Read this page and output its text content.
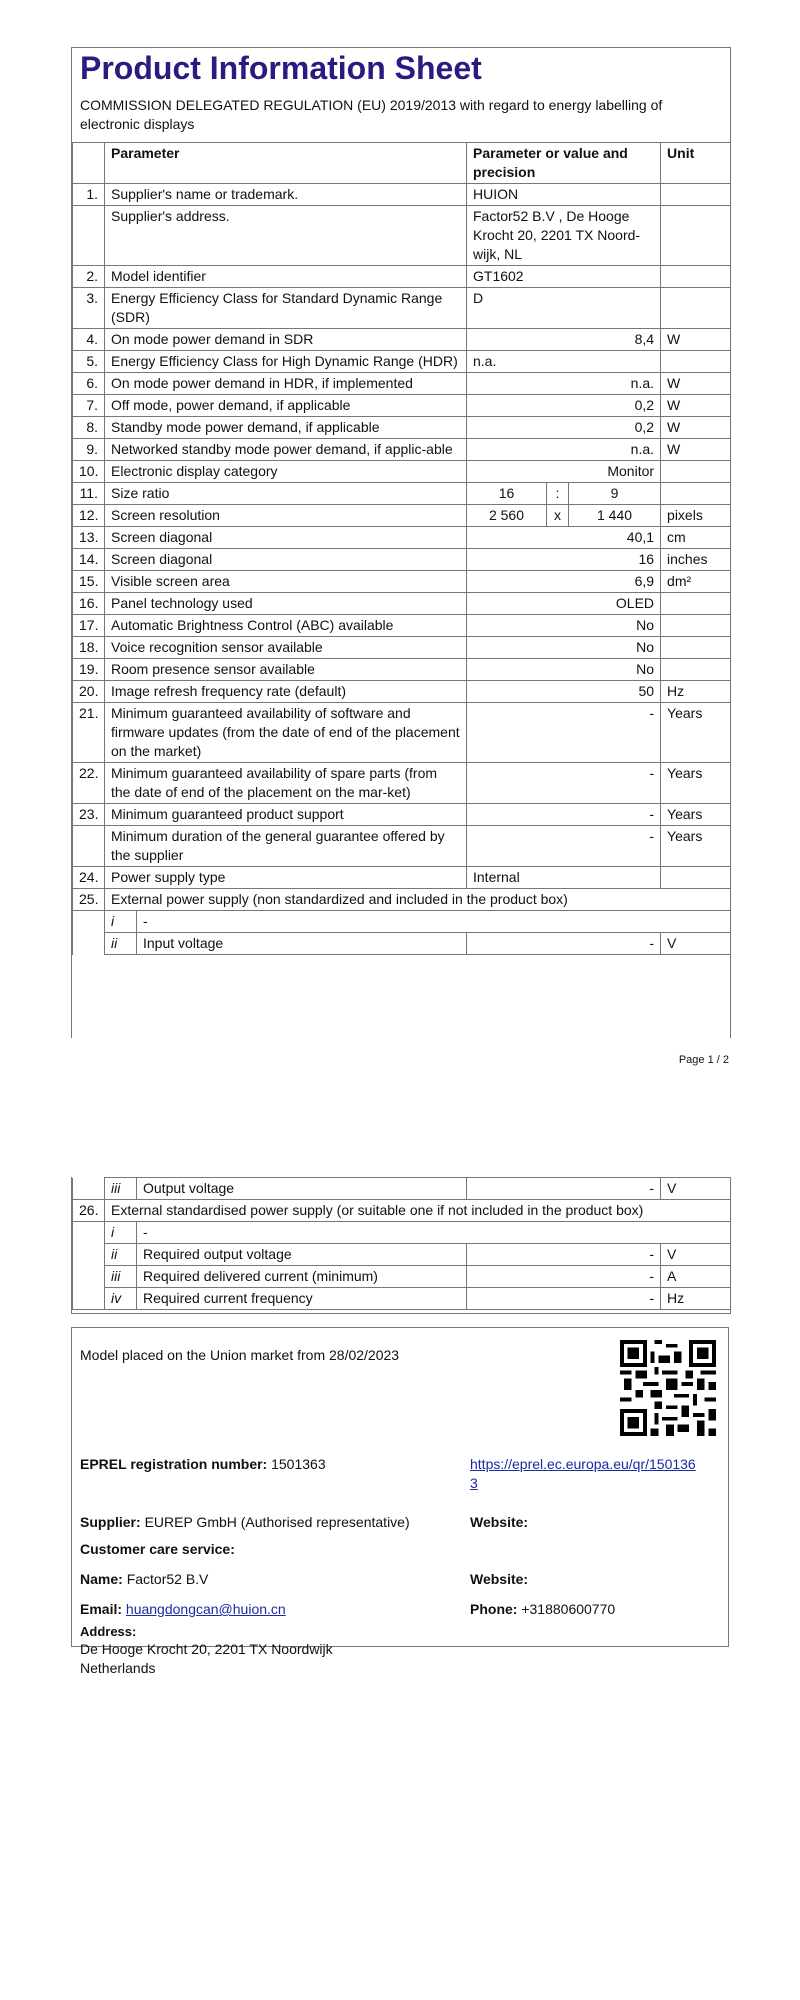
Product Information Sheet
COMMISSION DELEGATED REGULATION (EU) 2019/2013 with regard to energy labelling of electronic displays
	Parameter		Parameter or value and precision			Unit
1.	Supplier's name or trademark.		HUION			
	Supplier's address.		Factor52 B.V , De Hooge Krocht 20, 2201 TX Noord-wijk, NL			
2.	Model identifier		GT1602			
3.	Energy Efficiency Class for Standard Dynamic Range (SDR)		D			
4.	On mode power demand in SDR		8,4			W
5.	Energy Efficiency Class for High Dynamic Range (HDR)		n.a.			
6.	On mode power demand in HDR, if implemented		n.a.			W
7.	Off mode, power demand, if applicable		0,2			W
8.	Standby mode power demand, if applicable		0,2			W
9.	Networked standby mode power demand, if applic-able		n.a.			W
10.	Electronic display category		Monitor			
11.	Size ratio		16	:	9	
12.	Screen resolution		2 560	x	1 440	pixels
13.	Screen diagonal		40,1			cm
14.	Screen diagonal		16			inches
15.	Visible screen area		6,9			dm²
16.	Panel technology used		OLED			
17.	Automatic Brightness Control (ABC) available		No			
18.	Voice recognition sensor available		No			
19.	Room presence sensor available		No			
20.	Image refresh frequency rate (default)		50			Hz
21.	Minimum guaranteed availability of software and firmware updates (from the date of end of the placement on the market)		-			Years
22.	Minimum guaranteed availability of spare parts (from the date of end of the placement on the mar-ket)		-			Years
23.	Minimum guaranteed product support		-			Years
	Minimum duration of the general guarantee offered by the supplier		-			Years
24.	Power supply type		Internal			
25.	External power supply (non standardized and included in the product box)					
	i	-				
	ii	Input voltage	-			V
Page 1 / 2
	iii	Output voltage	-	V
26.	External standardised power supply (or suitable one if not included in the product box)			
	i	-		
	ii	Required output voltage	-	V
	iii	Required delivered current (minimum)	-	A
	iv	Required current frequency	-	Hz
Model placed on the Union market from 28/02/2023
EPREL registration number: 1501363	https://eprel.ec.europa.eu/qr/1501363
Supplier: EUREP GmbH (Authorised representative)	Website:
Customer care service:
Name: Factor52 B.V	Website:
Email: huangdongcan@huion.cn	Phone: +31880600770
Address:
De Hooge Krocht 20, 2201 TX Noordwijk
Netherlands
